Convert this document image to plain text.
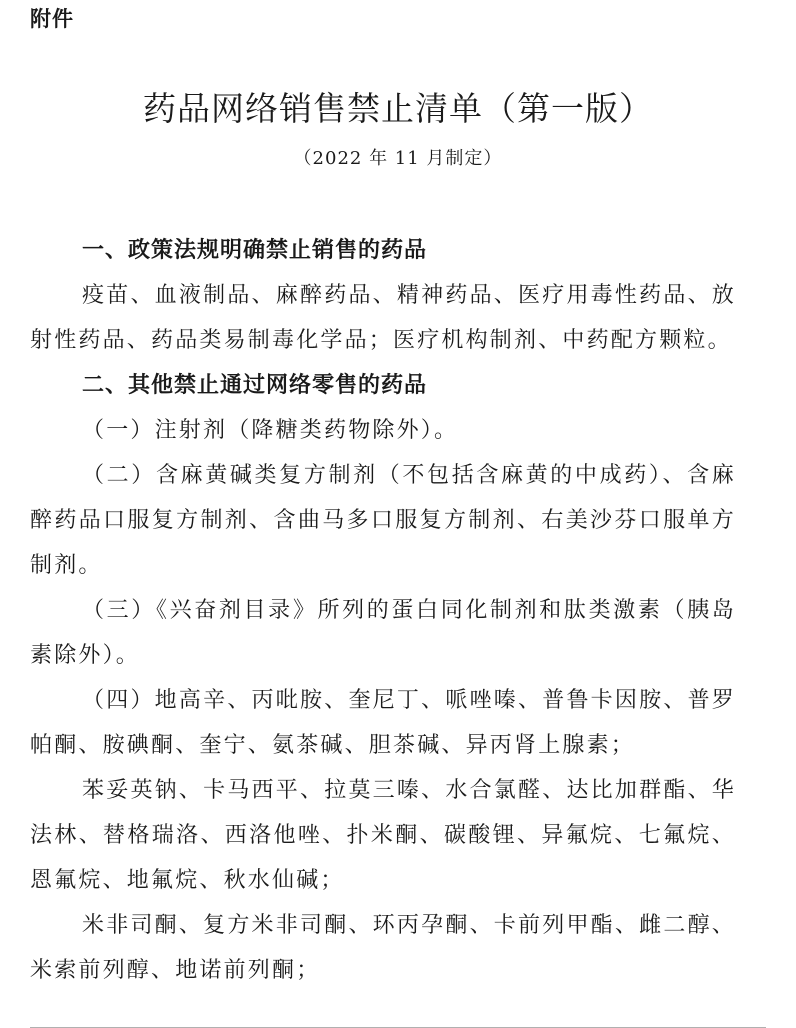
附件
药品网络销售禁止清单（第一版）
（2022 年 11 月制定）

一、政策法规明确禁止销售的药品

疫苗、血液制品、麻醉药品、精神药品、医疗用毒性药品、放射性药品、药品类易制毒化学品；医疗机构制剂、中药配方颗粒。

二、其他禁止通过网络零售的药品

（一）注射剂（降糖类药物除外）。

（二）含麻黄碱类复方制剂（不包括含麻黄的中成药）、含麻醉药品口服复方制剂、含曲马多口服复方制剂、右美沙芬口服单方制剂。

（三）《兴奋剂目录》所列的蛋白同化制剂和肽类激素（胰岛素除外）。

（四）地高辛、丙吡胺、奎尼丁、哌唑嗪、普鲁卡因胺、普罗帕酮、胺碘酮、奎宁、氨茶碱、胆茶碱、异丙肾上腺素；

苯妥英钠、卡马西平、拉莫三嗪、水合氯醛、达比加群酯、华法林、替格瑞洛、西洛他唑、扑米酮、碳酸锂、异氟烷、七氟烷、恩氟烷、地氟烷、秋水仙碱；

米非司酮、复方米非司酮、环丙孕酮、卡前列甲酯、雌二醇、米索前列醇、地诺前列酮；
